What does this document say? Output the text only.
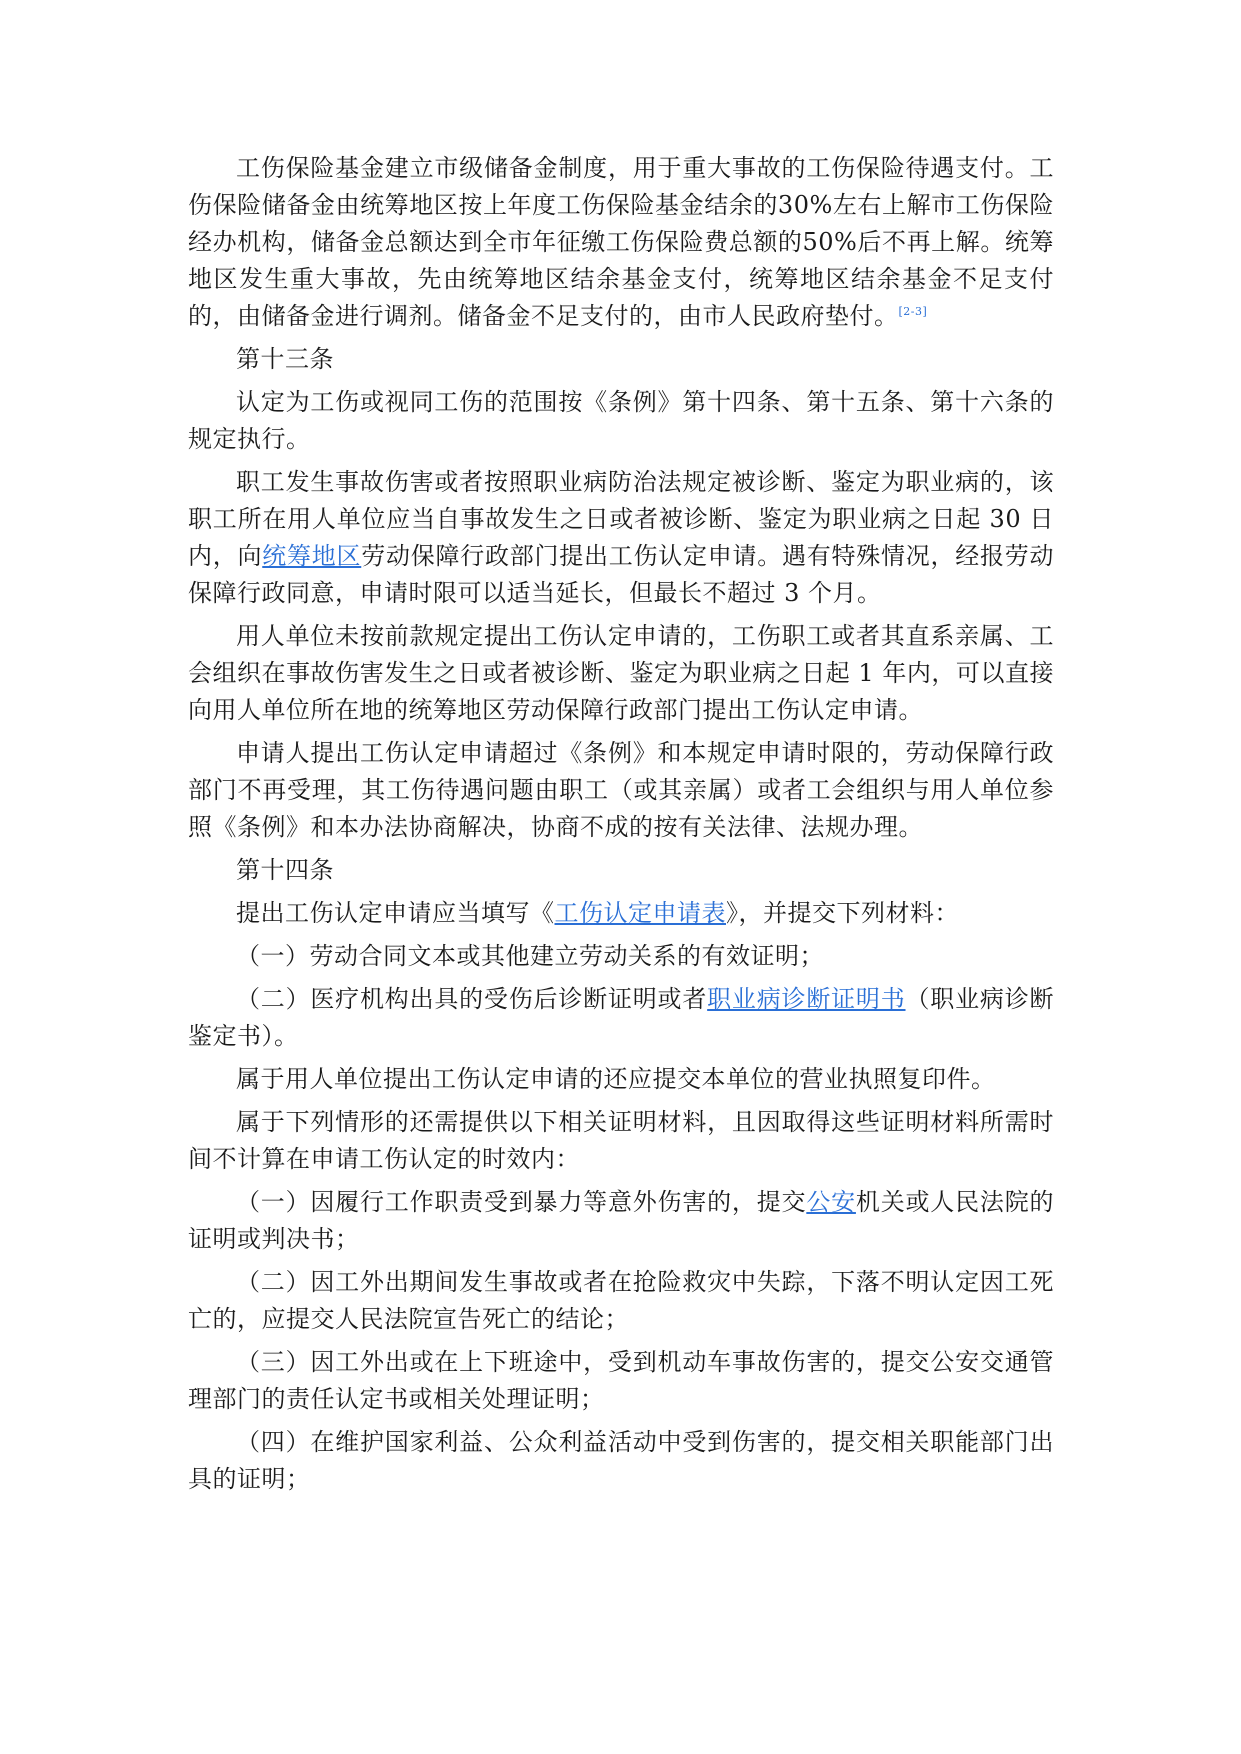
工伤保险基金建立市级储备金制度，用于重大事故的工伤保险待遇支付。工伤保险储备金由统筹地区按上年度工伤保险基金结余的30%左右上解市工伤保险经办机构，储备金总额达到全市年征缴工伤保险费总额的50%后不再上解。统筹地区发生重大事故，先由统筹地区结余基金支付，统筹地区结余基金不足支付的，由储备金进行调剂。储备金不足支付的，由市人民政府垫付。[2-3]

第十三条

认定为工伤或视同工伤的范围按《条例》第十四条、第十五条、第十六条的规定执行。

职工发生事故伤害或者按照职业病防治法规定被诊断、鉴定为职业病的，该职工所在用人单位应当自事故发生之日或者被诊断、鉴定为职业病之日起 30 日内，向统筹地区劳动保障行政部门提出工伤认定申请。遇有特殊情况，经报劳动保障行政同意，申请时限可以适当延长，但最长不超过 3 个月。

用人单位未按前款规定提出工伤认定申请的，工伤职工或者其直系亲属、工会组织在事故伤害发生之日或者被诊断、鉴定为职业病之日起 1 年内，可以直接向用人单位所在地的统筹地区劳动保障行政部门提出工伤认定申请。

申请人提出工伤认定申请超过《条例》和本规定申请时限的，劳动保障行政部门不再受理，其工伤待遇问题由职工（或其亲属）或者工会组织与用人单位参照《条例》和本办法协商解决，协商不成的按有关法律、法规办理。

第十四条

提出工伤认定申请应当填写《工伤认定申请表》，并提交下列材料：

（一）劳动合同文本或其他建立劳动关系的有效证明；

（二）医疗机构出具的受伤后诊断证明或者职业病诊断证明书（职业病诊断鉴定书）。

属于用人单位提出工伤认定申请的还应提交本单位的营业执照复印件。

属于下列情形的还需提供以下相关证明材料，且因取得这些证明材料所需时间不计算在申请工伤认定的时效内：

（一）因履行工作职责受到暴力等意外伤害的，提交公安机关或人民法院的证明或判决书；

（二）因工外出期间发生事故或者在抢险救灾中失踪，下落不明认定因工死亡的，应提交人民法院宣告死亡的结论；

（三）因工外出或在上下班途中，受到机动车事故伤害的，提交公安交通管理部门的责任认定书或相关处理证明；

（四）在维护国家利益、公众利益活动中受到伤害的，提交相关职能部门出具的证明；
